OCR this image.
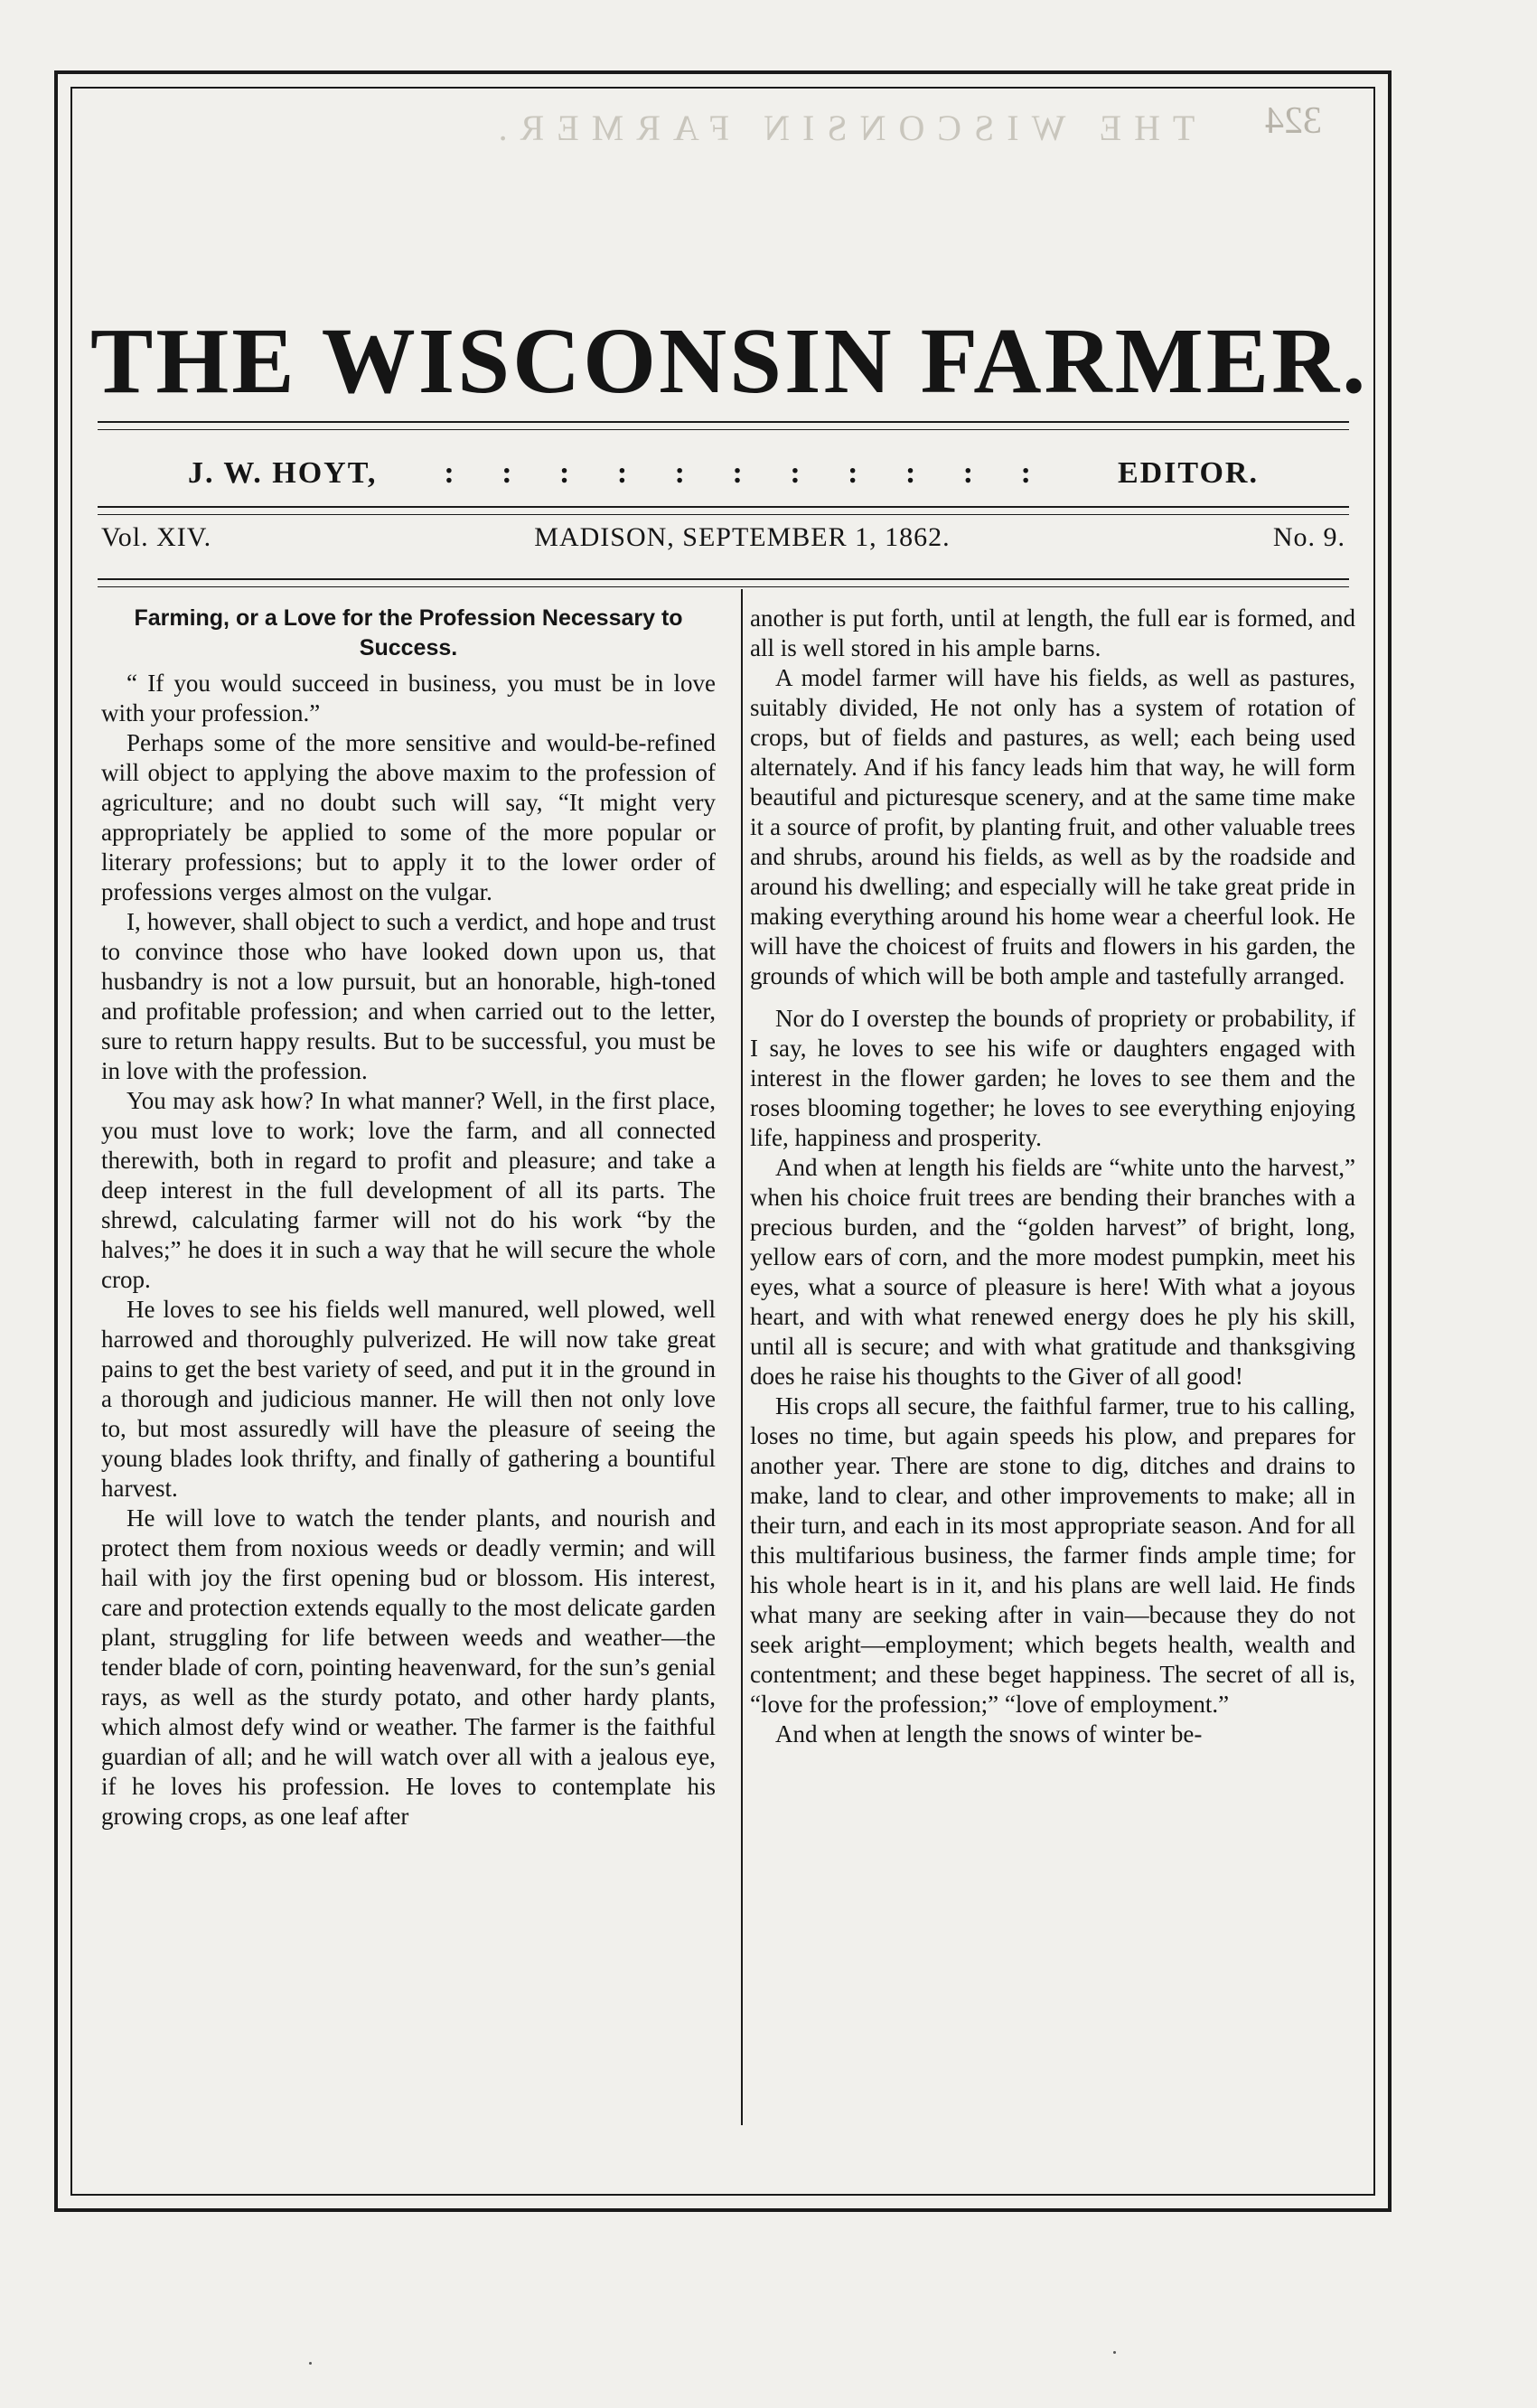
THE WISCONSIN FARMER.	324
THE WISCONSIN FARMER.
J. W. HOYT, : : : : : : : : : : : EDITOR.
Vol. XIV.	MADISON, SEPTEMBER 1, 1862.	No. 9.
Farming, or a Love for the Profession Necessary to Success.

“ If you would succeed in business, you must be in love with your profession.”

Perhaps some of the more sensitive and would-be-refined will object to applying the above maxim to the profession of agriculture; and no doubt such will say, “It might very appropriately be applied to some of the more popular or literary professions; but to apply it to the lower order of professions verges almost on the vulgar.

I, however, shall object to such a verdict, and hope and trust to convince those who have looked down upon us, that husbandry is not a low pursuit, but an honorable, high-toned and profitable profession; and when carried out to the letter, sure to return happy results. But to be successful, you must be in love with the profession.

You may ask how? In what manner? Well, in the first place, you must love to work; love the farm, and all connected therewith, both in regard to profit and pleasure; and take a deep interest in the full development of all its parts. The shrewd, calculating farmer will not do his work “by the halves;” he does it in such a way that he will secure the whole crop.

He loves to see his fields well manured, well plowed, well harrowed and thoroughly pulverized. He will now take great pains to get the best variety of seed, and put it in the ground in a thorough and judicious manner. He will then not only love to, but most assuredly will have the pleasure of seeing the young blades look thrifty, and finally of gathering a bountiful harvest.

He will love to watch the tender plants, and nourish and protect them from noxious weeds or deadly vermin; and will hail with joy the first opening bud or blossom. His interest, care and protection extends equally to the most delicate garden plant, struggling for life between weeds and weather—the tender blade of corn, pointing heavenward, for the sun’s genial rays, as well as the sturdy potato, and other hardy plants, which almost defy wind or weather. The farmer is the faithful guardian of all; and he will watch over all with a jealous eye, if he loves his profession. He loves to contemplate his growing crops, as one leaf after

another is put forth, until at length, the full ear is formed, and all is well stored in his ample barns.

A model farmer will have his fields, as well as pastures, suitably divided, He not only has a system of rotation of crops, but of fields and pastures, as well; each being used alternately. And if his fancy leads him that way, he will form beautiful and picturesque scenery, and at the same time make it a source of profit, by planting fruit, and other valuable trees and shrubs, around his fields, as well as by the roadside and around his dwelling; and especially will he take great pride in making everything around his home wear a cheerful look. He will have the choicest of fruits and flowers in his garden, the grounds of which will be both ample and tastefully arranged.

Nor do I overstep the bounds of propriety or probability, if I say, he loves to see his wife or daughters engaged with interest in the flower garden; he loves to see them and the roses blooming together; he loves to see everything enjoying life, happiness and prosperity.

And when at length his fields are “white unto the harvest,” when his choice fruit trees are bending their branches with a precious burden, and the “golden harvest” of bright, long, yellow ears of corn, and the more modest pumpkin, meet his eyes, what a source of pleasure is here! With what a joyous heart, and with what renewed energy does he ply his skill, until all is secure; and with what gratitude and thanksgiving does he raise his thoughts to the Giver of all good!

His crops all secure, the faithful farmer, true to his calling, loses no time, but again speeds his plow, and prepares for another year. There are stone to dig, ditches and drains to make, land to clear, and other improvements to make; all in their turn, and each in its most appropriate season. And for all this multifarious business, the farmer finds ample time; for his whole heart is in it, and his plans are well laid. He finds what many are seeking after in vain—because they do not seek aright—employment; which begets health, wealth and contentment; and these beget happiness. The secret of all is, “love for the profession;” “love of employment.”

And when at length the snows of winter be-
